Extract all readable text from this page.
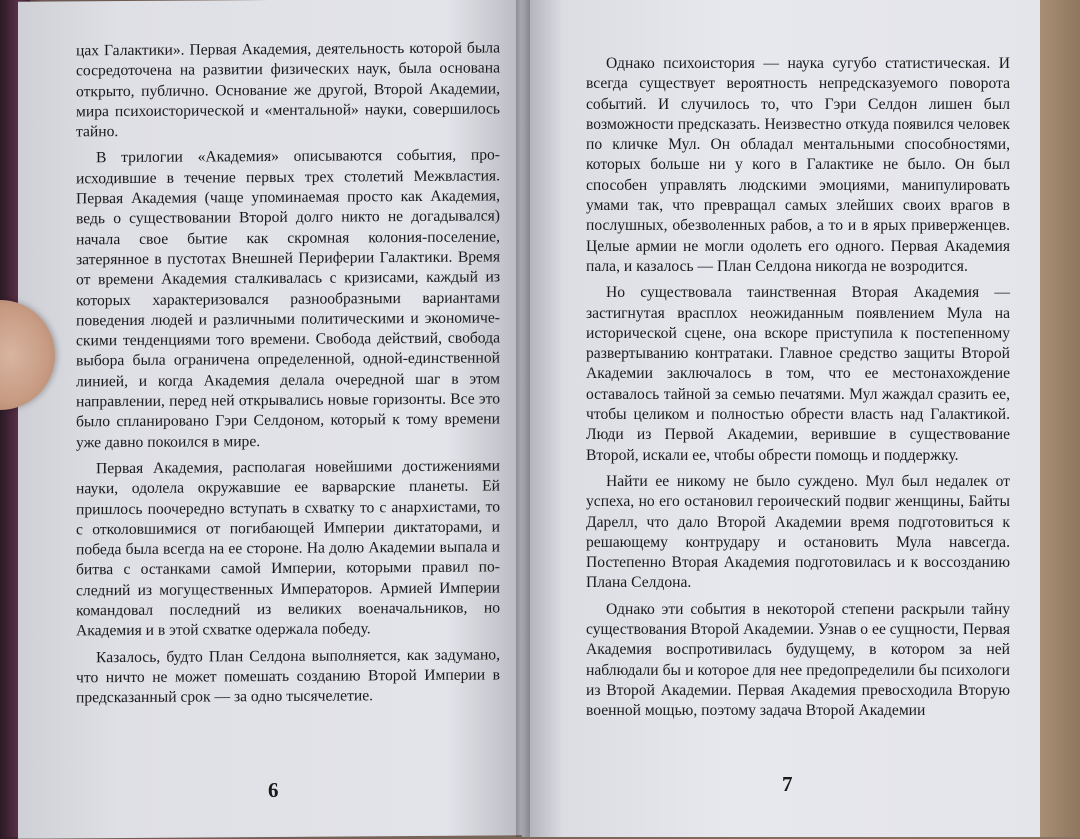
цах Галактики». Первая Академия, деятельность которой была сосредоточена на развитии физических наук, была основана открыто, публично. Основание же другой, Второй Академии, мира психоисторической и «ментальной» науки, совершилось тайно.

В трилогии «Академия» описываются события, происходившие в течение первых трех столетий Межвластия. Первая Академия (чаще упоминаемая просто как Академия, ведь о существовании Второй долго никто не догадывался) начала свое бытие как скромная колония-поселение, затерянное в пустотах Внешней Периферии Галактики. Время от времени Академия сталкивалась с кризисами, каждый из которых характеризовался разнообразными вариантами поведения людей и различными политическими и экономическими тенденциями того времени. Свобода действий, свобода выбора была ограничена определенной, одной-единственной линией, и когда Академия делала очередной шаг в этом направлении, перед ней открывались новые горизонты. Все это было спланировано Гэри Селдоном, который к тому времени уже давно покоился в мире.

Первая Академия, располагая новейшими достижениями науки, одолела окружавшие ее варварские планеты. Ей пришлось поочередно вступать в схватку то с анархистами, то с отколовшимися от погибающей Империи диктаторами, и победа была всегда на ее стороне. На долю Академии выпала и битва с останками самой Империи, которыми правил последний из могущественных Императоров. Армией Империи командовал последний из великих военачальников, но Академия и в этой схватке одержала победу.

Казалось, будто План Селдона выполняется, как задумано, что ничто не может помешать созданию Второй Империи в предсказанный срок — за одно тысячелетие.

6

Однако психоистория — наука сугубо статистическая. И всегда существует вероятность непредсказуемого поворота событий. И случилось то, что Гэри Селдон лишен был возможности предсказать. Неизвестно откуда появился человек по кличке Мул. Он обладал ментальными способностями, которых больше ни у кого в Галактике не было. Он был способен управлять людскими эмоциями, манипулировать умами так, что превращал самых злейших своих врагов в послушных, обезволенных рабов, а то и в ярых приверженцев. Целые армии не могли одолеть его одного. Первая Академия пала, и казалось — План Селдона никогда не возродится.

Но существовала таинственная Вторая Академия — застигнутая врасплох неожиданным появлением Мула на исторической сцене, она вскоре приступила к постепенному развертыванию контратаки. Главное средство защиты Второй Академии заключалось в том, что ее местонахождение оставалось тайной за семью печатями. Мул жаждал сразить ее, чтобы целиком и полностью обрести власть над Галактикой. Люди из Первой Академии, верившие в существование Второй, искали ее, чтобы обрести помощь и поддержку.

Найти ее никому не было суждено. Мул был недалек от успеха, но его остановил героический подвиг женщины, Байты Дарелл, что дало Второй Академии время подготовиться к решающему контрудару и остановить Мула навсегда. Постепенно Вторая Академия подготовилась и к воссозданию Плана Селдона.

Однако эти события в некоторой степени раскрыли тайну существования Второй Академии. Узнав о ее сущности, Первая Академия воспротивилась будущему, в котором за ней наблюдали бы и которое для нее предопределили бы психологи из Второй Академии. Первая Академия превосходила Вторую военной мощью, поэтому задача Второй Академии

7
